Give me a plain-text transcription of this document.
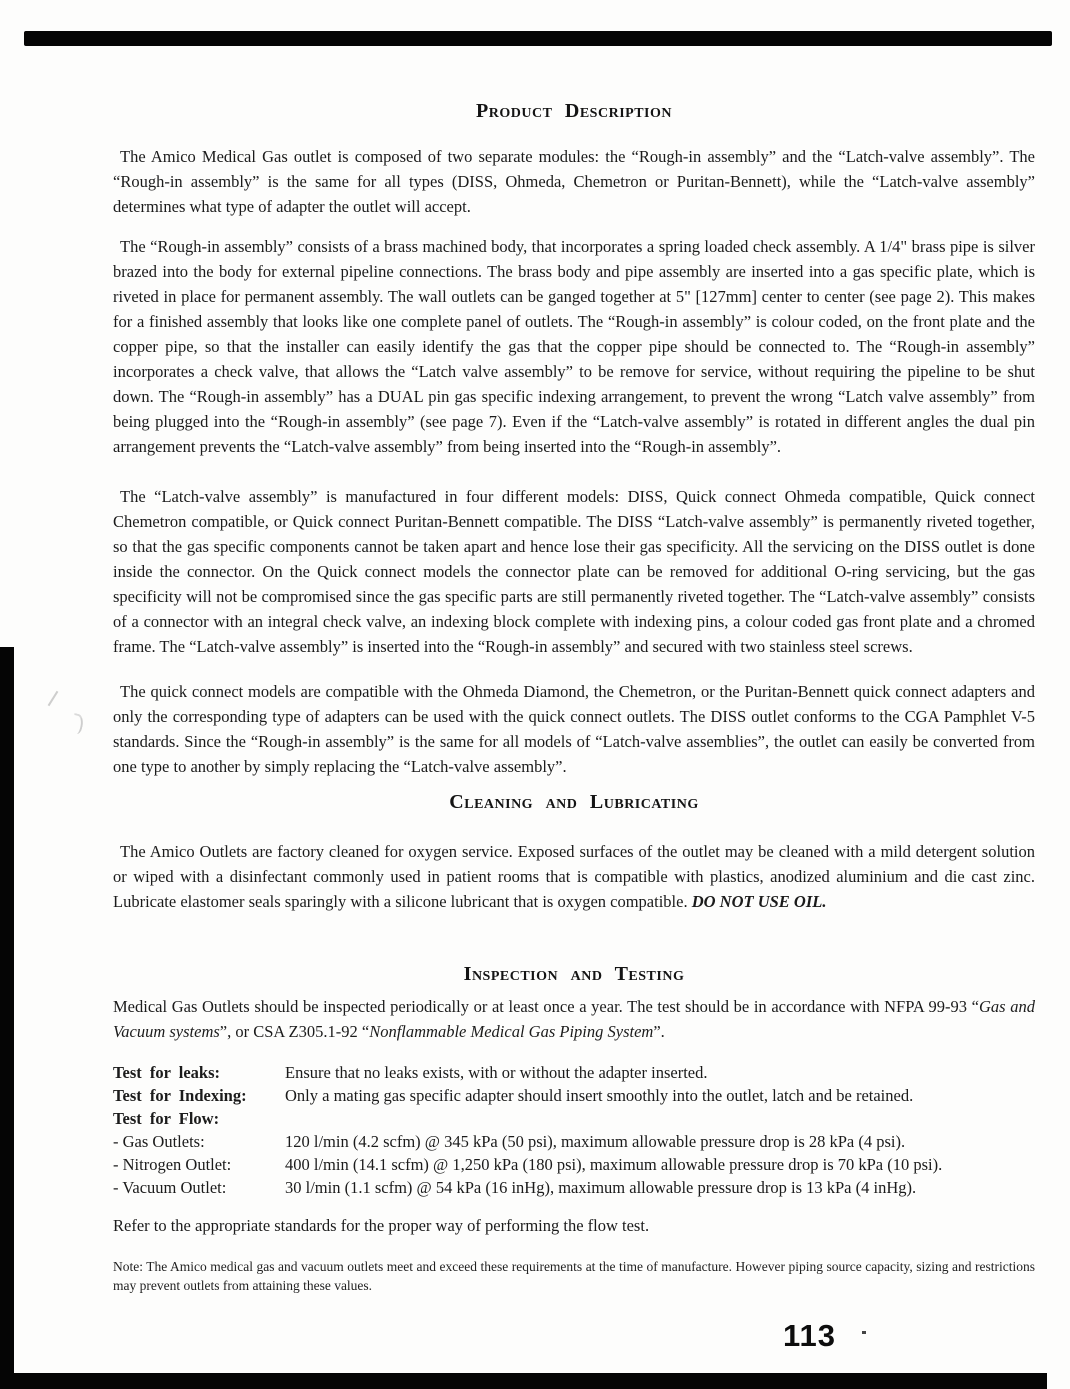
Product Description
The Amico Medical Gas outlet is composed of two separate modules: the “Rough-in assembly” and the “Latch-valve assembly”. The “Rough-in assembly” is the same for all types (DISS, Ohmeda, Chemetron or Puritan-Bennett), while the “Latch-valve assembly” determines what type of adapter the outlet will accept.
The “Rough-in assembly” consists of a brass machined body, that incorporates a spring loaded check assembly. A 1/4" brass pipe is silver brazed into the body for external pipeline connections. The brass body and pipe assembly are inserted into a gas specific plate, which is riveted in place for permanent assembly. The wall outlets can be ganged together at 5" [127mm] center to center (see page 2). This makes for a finished assembly that looks like one complete panel of outlets. The “Rough-in assembly” is colour coded, on the front plate and the copper pipe, so that the installer can easily identify the gas that the copper pipe should be connected to. The “Rough-in assembly” incorporates a check valve, that allows the “Latch valve assembly” to be remove for service, without requiring the pipeline to be shut down. The “Rough-in assembly” has a DUAL pin gas specific indexing arrangement, to prevent the wrong “Latch valve assembly” from being plugged into the “Rough-in assembly” (see page 7). Even if the “Latch-valve assembly” is rotated in different angles the dual pin arrangement prevents the “Latch-valve assembly” from being inserted into the “Rough-in assembly”.
The “Latch-valve assembly” is manufactured in four different models: DISS, Quick connect Ohmeda compatible, Quick connect Chemetron compatible, or Quick connect Puritan-Bennett compatible. The DISS “Latch-valve assembly” is permanently riveted together, so that the gas specific components cannot be taken apart and hence lose their gas specificity. All the servicing on the DISS outlet is done inside the connector. On the Quick connect models the connector plate can be removed for additional O-ring servicing, but the gas specificity will not be compromised since the gas specific parts are still permanently riveted together. The “Latch-valve assembly” consists of a connector with an integral check valve, an indexing block complete with indexing pins, a colour coded gas front plate and a chromed frame. The “Latch-valve assembly” is inserted into the “Rough-in assembly” and secured with two stainless steel screws.
The quick connect models are compatible with the Ohmeda Diamond, the Chemetron, or the Puritan-Bennett quick connect adapters and only the corresponding type of adapters can be used with the quick connect outlets. The DISS outlet conforms to the CGA Pamphlet V-5 standards. Since the “Rough-in assembly” is the same for all models of “Latch-valve assemblies”, the outlet can easily be converted from one type to another by simply replacing the “Latch-valve assembly”.
Cleaning and Lubricating
The Amico Outlets are factory cleaned for oxygen service. Exposed surfaces of the outlet may be cleaned with a mild detergent solution or wiped with a disinfectant commonly used in patient rooms that is compatible with plastics, anodized aluminium and die cast zinc. Lubricate elastomer seals sparingly with a silicone lubricant that is oxygen compatible. DO NOT USE OIL.
Inspection and Testing
Medical Gas Outlets should be inspected periodically or at least once a year. The test should be in accordance with NFPA 99-93 “Gas and Vacuum systems”, or CSA Z305.1-92 “Nonflammable Medical Gas Piping System”.
Test for leaks:	Ensure that no leaks exists, with or without the adapter inserted.
Test for Indexing:	Only a mating gas specific adapter should insert smoothly into the outlet, latch and be retained.
Test for Flow:
- Gas Outlets:	120 l/min (4.2 scfm) @ 345 kPa (50 psi), maximum allowable pressure drop is 28 kPa (4 psi).
- Nitrogen Outlet:	400 l/min (14.1 scfm) @ 1,250 kPa (180 psi), maximum allowable pressure drop is 70 kPa (10 psi).
- Vacuum Outlet:	30 l/min (1.1 scfm) @ 54 kPa (16 inHg), maximum allowable pressure drop is 13 kPa (4 inHg).
Refer to the appropriate standards for the proper way of performing the flow test.
Note: The Amico medical gas and vacuum outlets meet and exceed these requirements at the time of manufacture. However piping source capacity, sizing and restrictions may prevent outlets from attaining these values.
113
